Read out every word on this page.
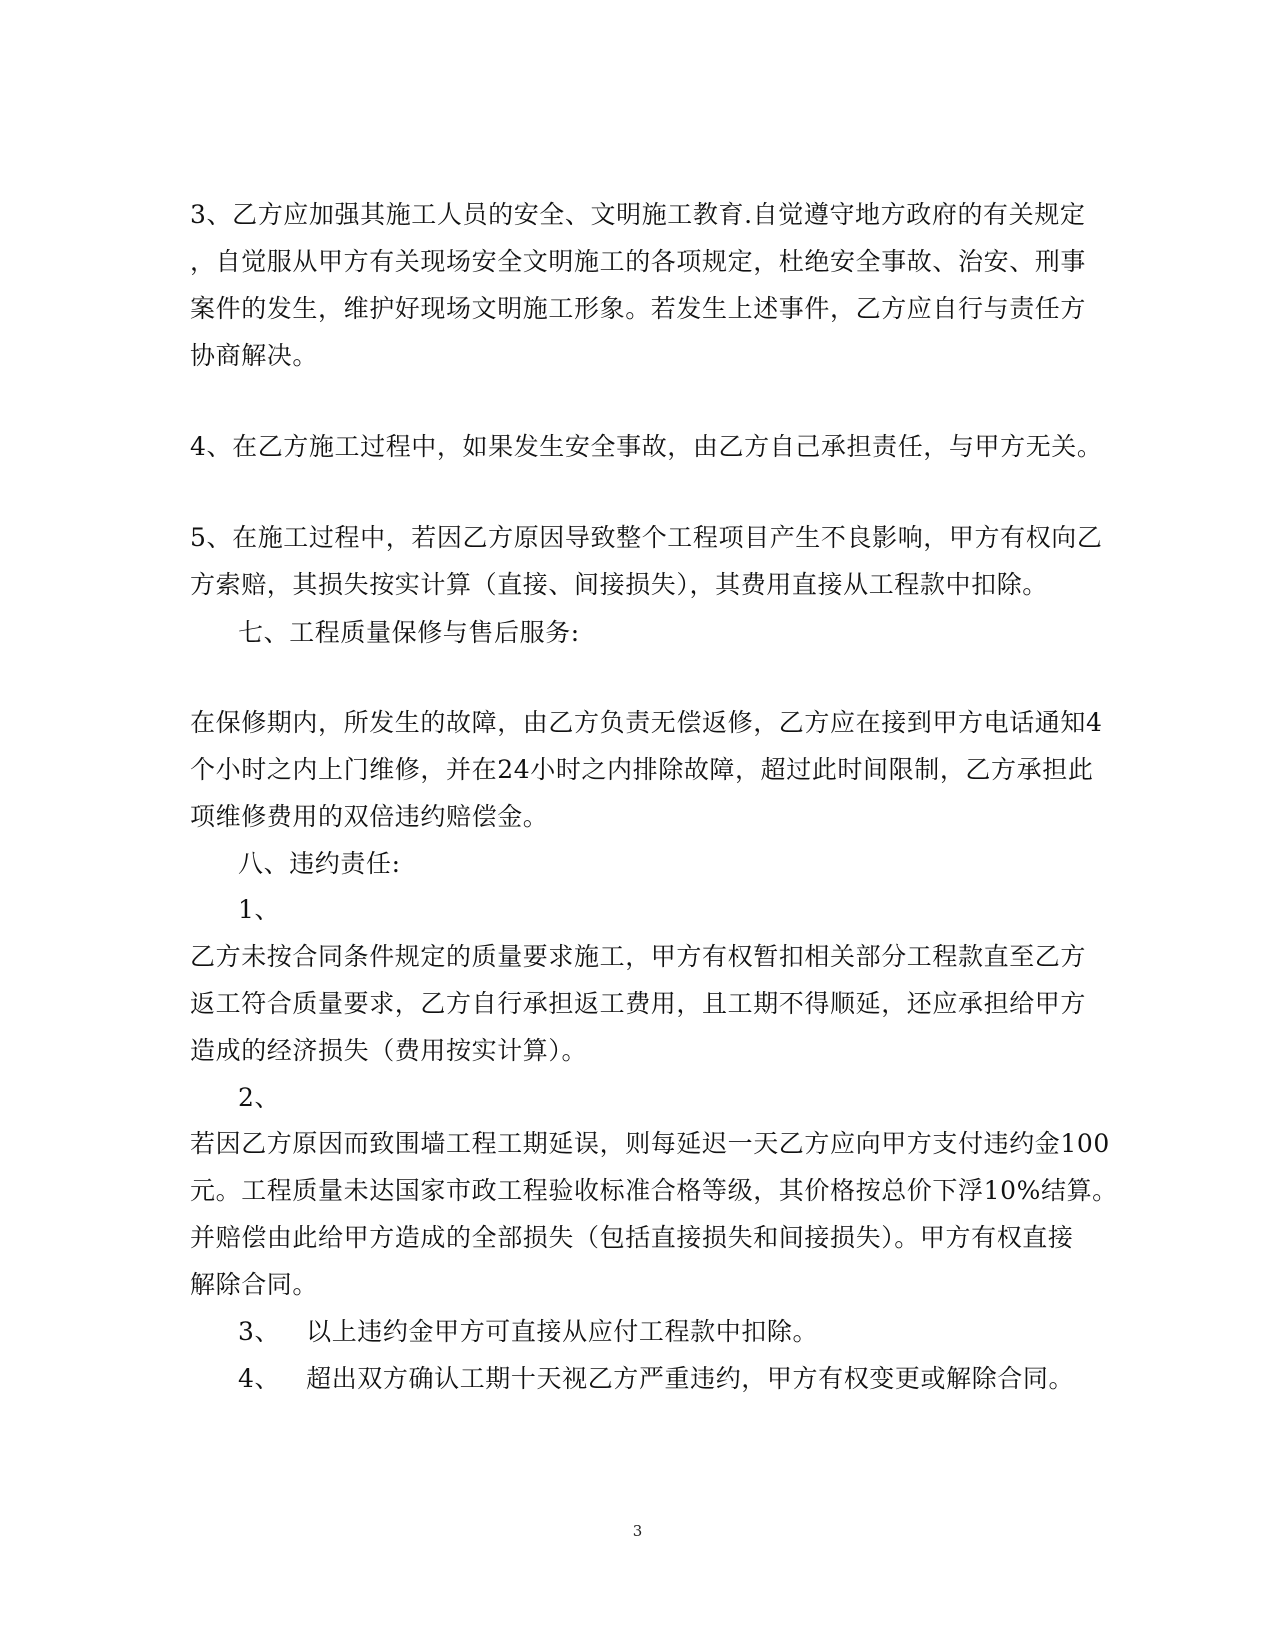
3、乙方应加强其施工人员的安全、文明施工教育.自觉遵守地方政府的有关规定
，自觉服从甲方有关现场安全文明施工的各项规定，杜绝安全事故、治安、刑事
案件的发生，维护好现场文明施工形象。若发生上述事件，乙方应自行与责任方
协商解决。
4、在乙方施工过程中，如果发生安全事故，由乙方自己承担责任，与甲方无关。
5、在施工过程中，若因乙方原因导致整个工程项目产生不良影响，甲方有权向乙
方索赔，其损失按实计算（直接、间接损失），其费用直接从工程款中扣除。
七、工程质量保修与售后服务:
在保修期内，所发生的故障，由乙方负责无偿返修，乙方应在接到甲方电话通知4
个小时之内上门维修，并在24小时之内排除故障，超过此时间限制，乙方承担此
项维修费用的双倍违约赔偿金。
八、违约责任:
1、
乙方未按合同条件规定的质量要求施工，甲方有权暂扣相关部分工程款直至乙方
返工符合质量要求，乙方自行承担返工费用，且工期不得顺延，还应承担给甲方
造成的经济损失（费用按实计算）。
2、
若因乙方原因而致围墙工程工期延误，则每延迟一天乙方应向甲方支付违约金100
元。工程质量未达国家市政工程验收标准合格等级，其价格按总价下浮10%结算。
并赔偿由此给甲方造成的全部损失（包括直接损失和间接损失）。甲方有权直接
解除合同。
3、 以上违约金甲方可直接从应付工程款中扣除。
4、 超出双方确认工期十天视乙方严重违约，甲方有权变更或解除合同。
3
